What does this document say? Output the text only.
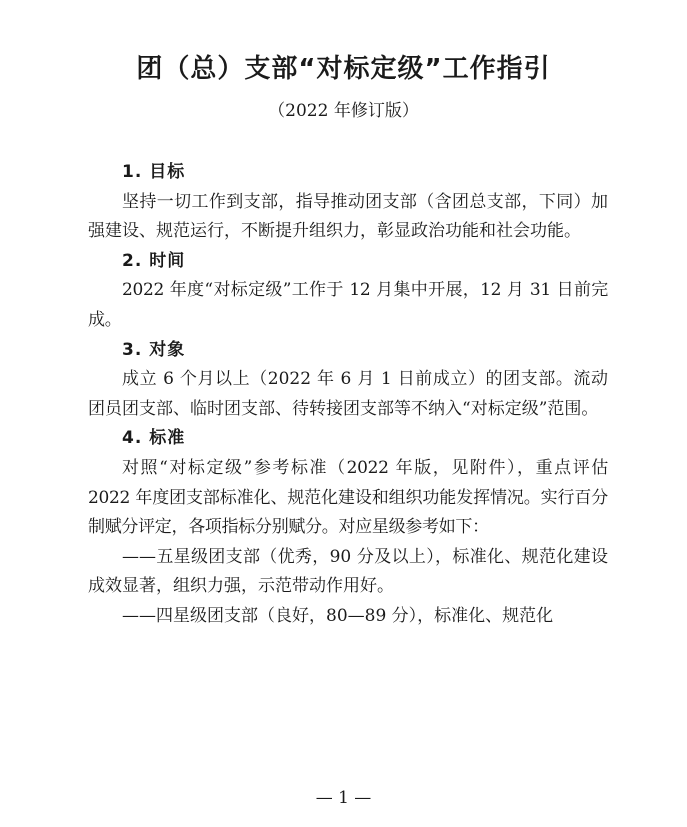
团（总）支部“对标定级”工作指引
（2022 年修订版）
1. 目标
坚持一切工作到支部，指导推动团支部（含团总支部，下同）加强建设、规范运行，不断提升组织力，彰显政治功能和社会功能。
2. 时间
2022 年度“对标定级”工作于 12 月集中开展，12 月 31 日前完成。
3. 对象
成立 6 个月以上（2022 年 6 月 1 日前成立）的团支部。流动团员团支部、临时团支部、待转接团支部等不纳入“对标定级”范围。
4. 标准
对照“对标定级”参考标准（2022 年版，见附件），重点评估 2022 年度团支部标准化、规范化建设和组织功能发挥情况。实行百分制赋分评定，各项指标分别赋分。对应星级参考如下：
——五星级团支部（优秀，90 分及以上），标准化、规范化建设成效显著，组织力强，示范带动作用好。
——四星级团支部（良好，80—89 分），标准化、规范化
— 1 —
